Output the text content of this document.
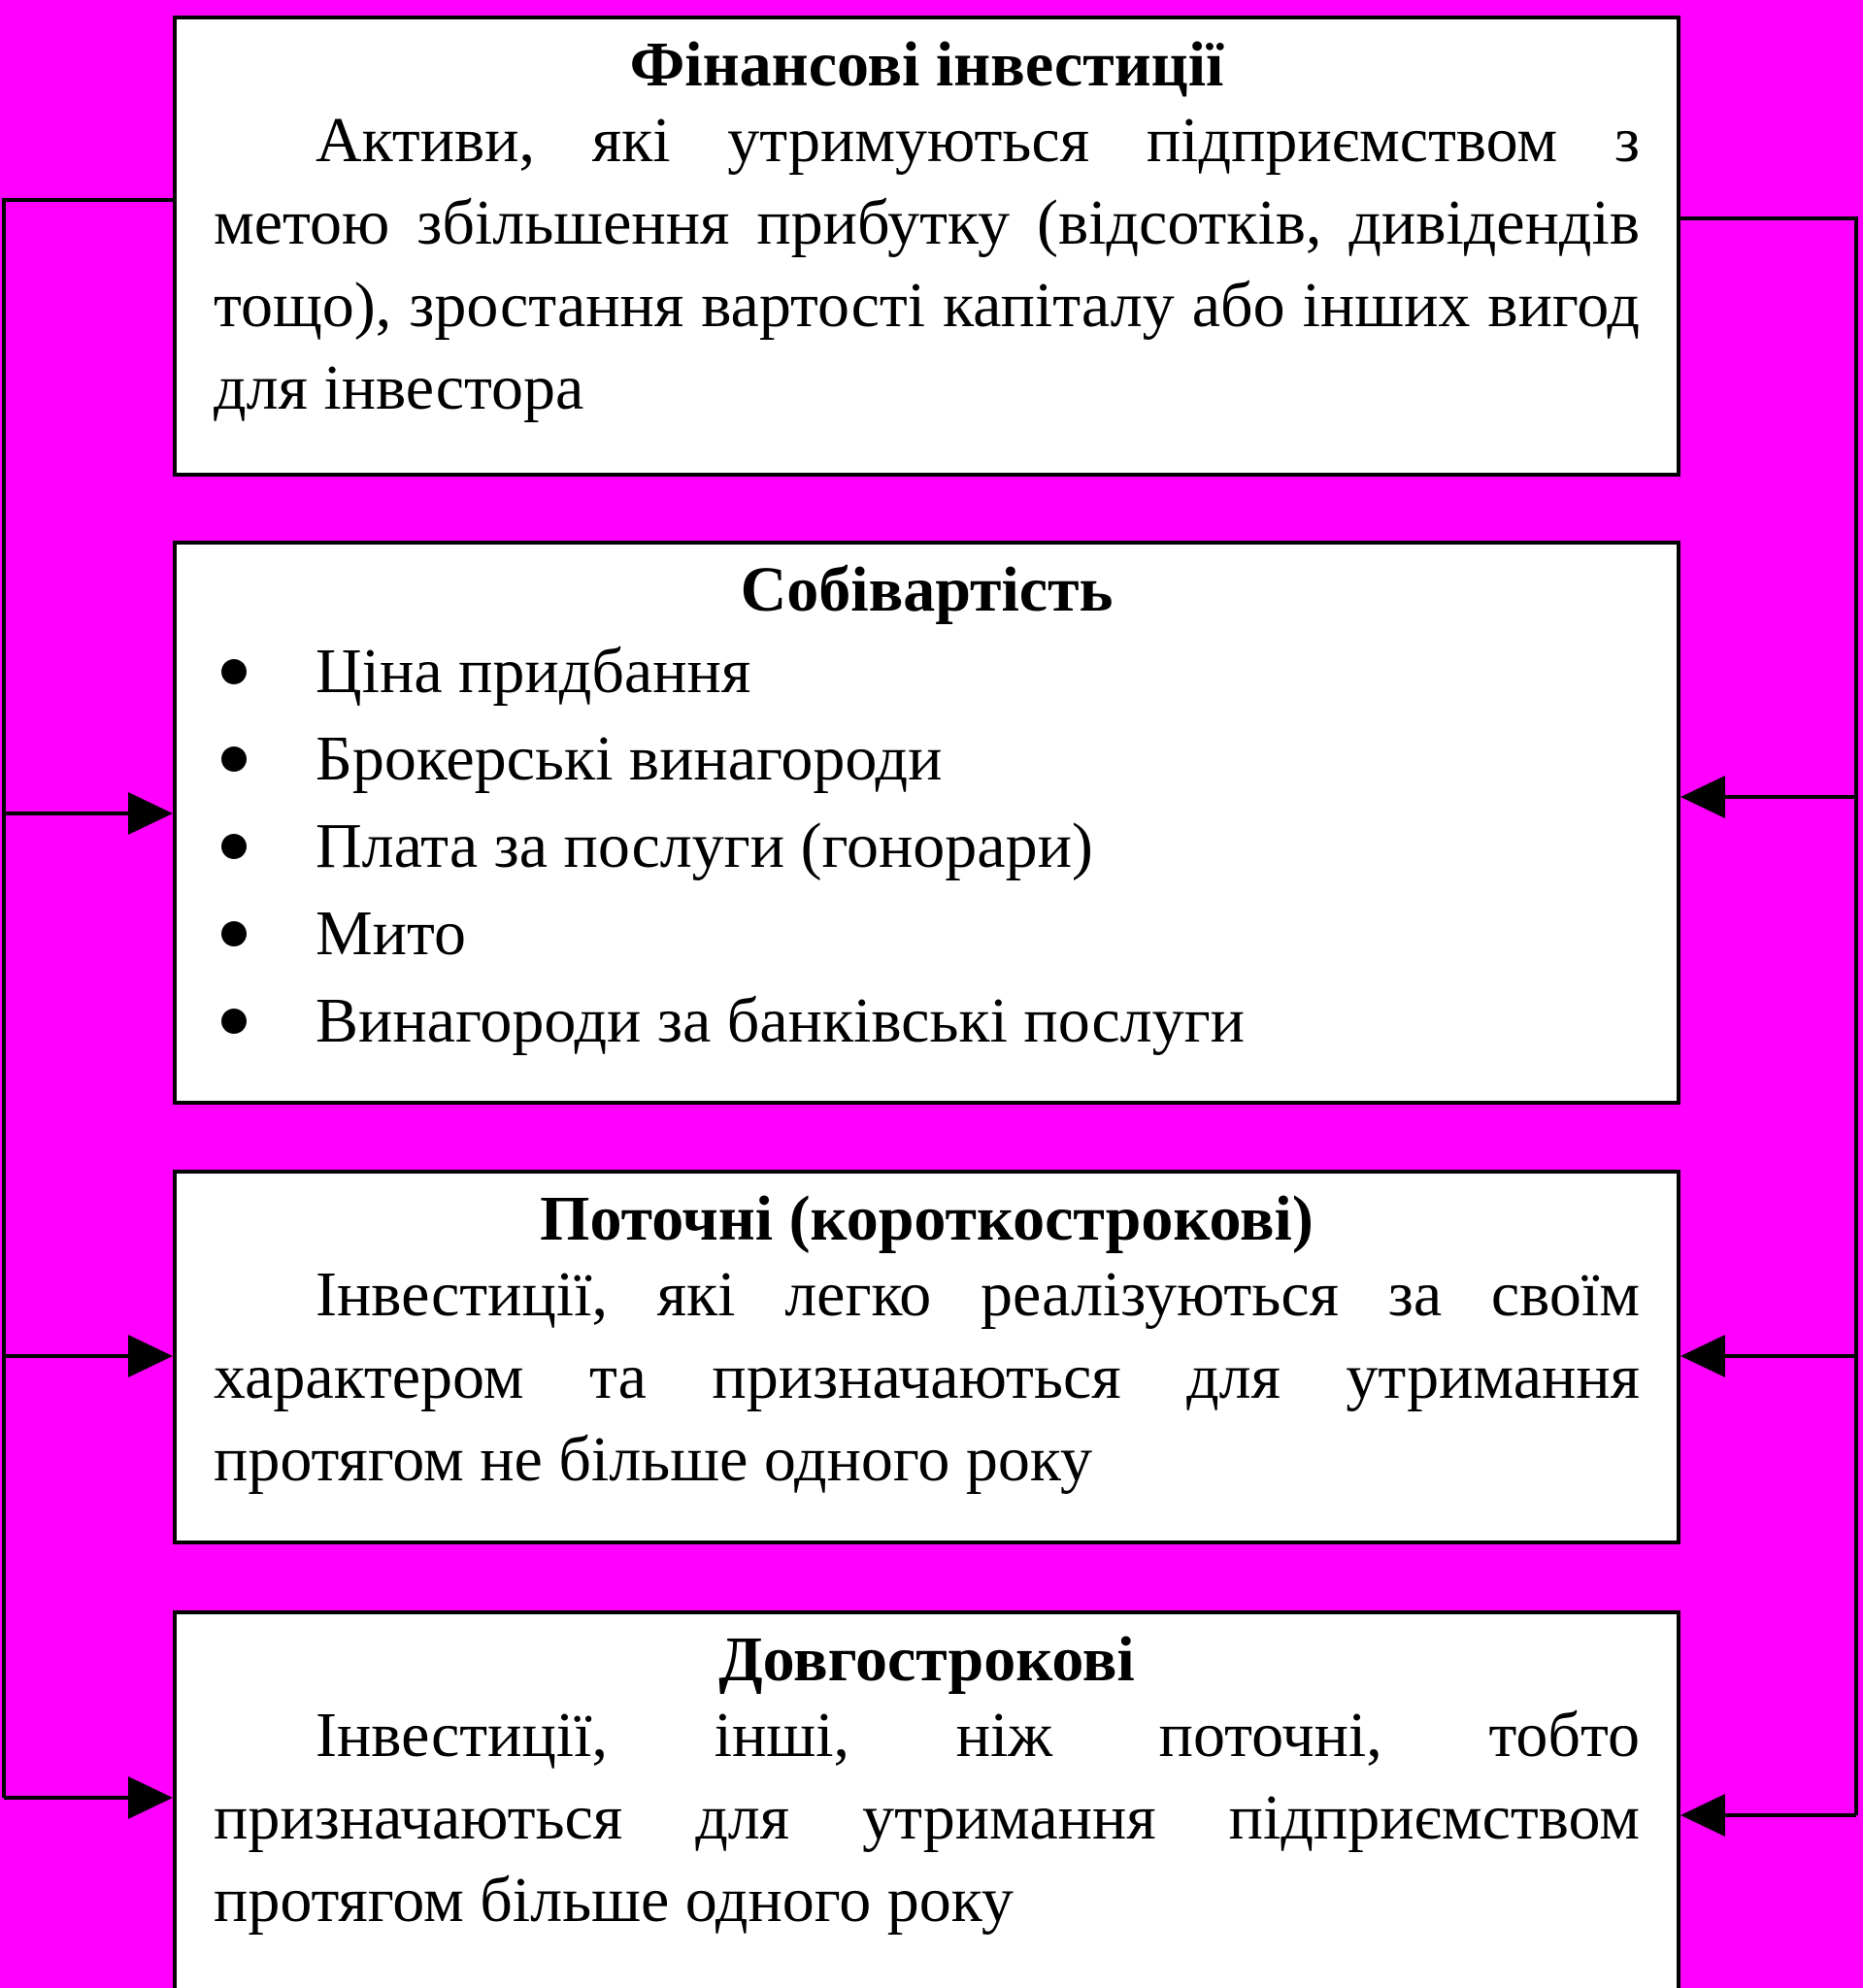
Фінансові інвестиції
Активи, які утримуються підприємством з метою збільшення прибутку (відсотків, дивідендів тощо), зростання вартості капіталу або інших вигод для інвестора
Собівартість
Ціна придбання
Брокерські винагороди
Плата за послуги (гонорари)
Мито
Винагороди за банківські послуги
Поточні (короткострокові)
Інвестиції, які легко реалізуються за своїм характером та призначаються для утримання протягом не більше одного року
Довгострокові
Інвестиції, інші, ніж поточні, тобто призначаються для утримання підприємством протягом більше одного року
